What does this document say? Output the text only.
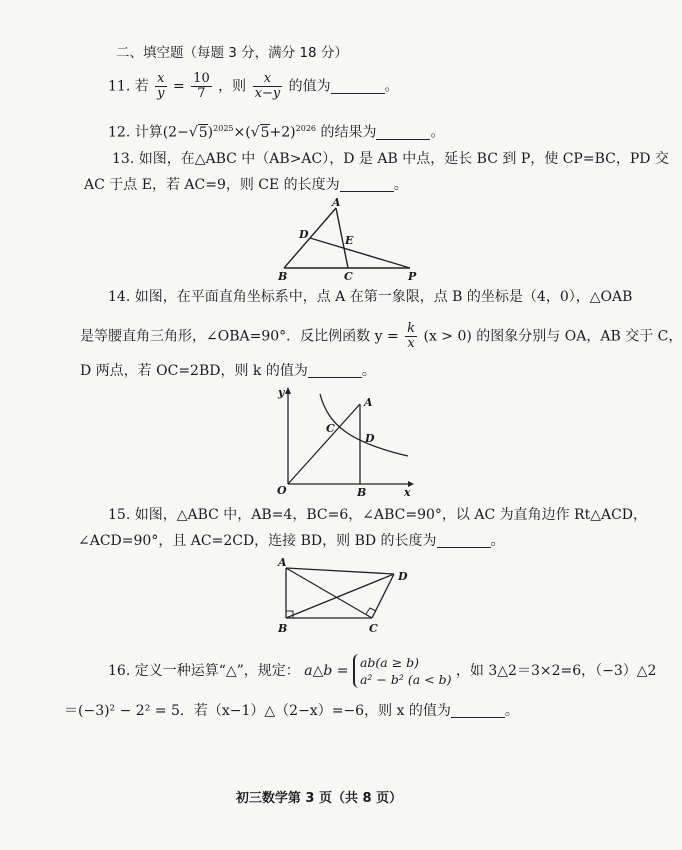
二、填空题（每题 3 分，满分 18 分）
11. 若 $\frac{x}{y} = \frac{10}{7}$ ，则 $\frac{x}{x-y}$ 的值为	。
12. 计算$(2-√5)^{2025}\times(√5+2)^{2026}$ 的结果为	。
13. 如图，在△ABC 中（AB>AC），D 是 AB 中点，延长 BC 到 P，使 CP=BC，PD 交
AC 于点 E，若 AC=9，则 CE 的长度为	。
A
B	C
D	E
P
14. 如图，在平面直角坐标系中，点 A 在第一象限，点 B 的坐标是（4，0），△OAB
是等腰直角三角形，∠OBA=90°．反比例函数 $y = \frac{k}{x} (x > 0)$ 的图象分别与 OA，AB 交于 C，
D 两点，若 OC=2BD，则 k 的值为	。
y
x
O
A
B
C
D
15. 如图，△ABC 中，AB=4，BC=6，∠ABC=90°，以 AC 为直角边作 Rt△ACD，
∠ACD=90°，且 AC=2CD，连接 BD，则 BD 的长度为	。
A
B	C
D
16. 定义一种运算“△”，规定： a△b =
ab(a ≥ b)
a² − b² (a < b)
，如 3△2＝3×2=6，（−3）△2
＝(−3)² − 2² = 5．若（x−1）△（2−x）=−6，则 x 的值为	。
初三数学第 3 页（共 8 页）
